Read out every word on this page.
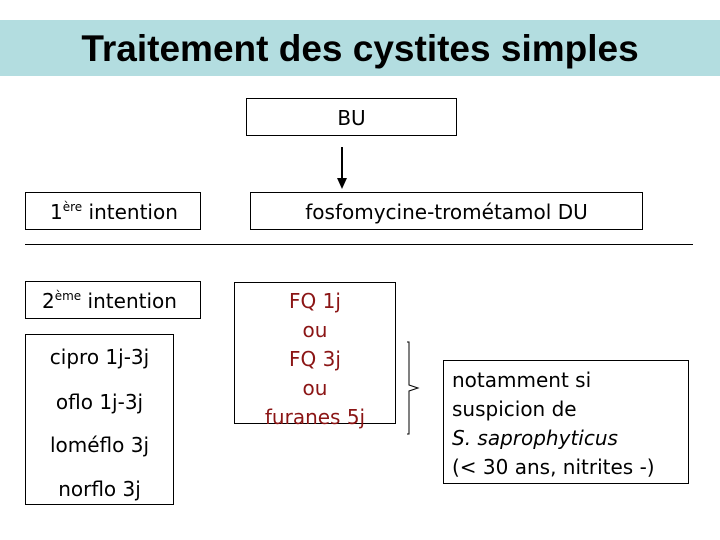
Traitement des cystites simples
BU
1ère intention	fosfomycine-trométamol DU
2ème intention
cipro 1j-3j
oflo 1j-3j
loméflo 3j
norflo 3j
FQ 1j
ou
FQ 3j
ou
furanes 5j
notamment si
suspicion de
S. saprophyticus
(< 30 ans, nitrites -)
